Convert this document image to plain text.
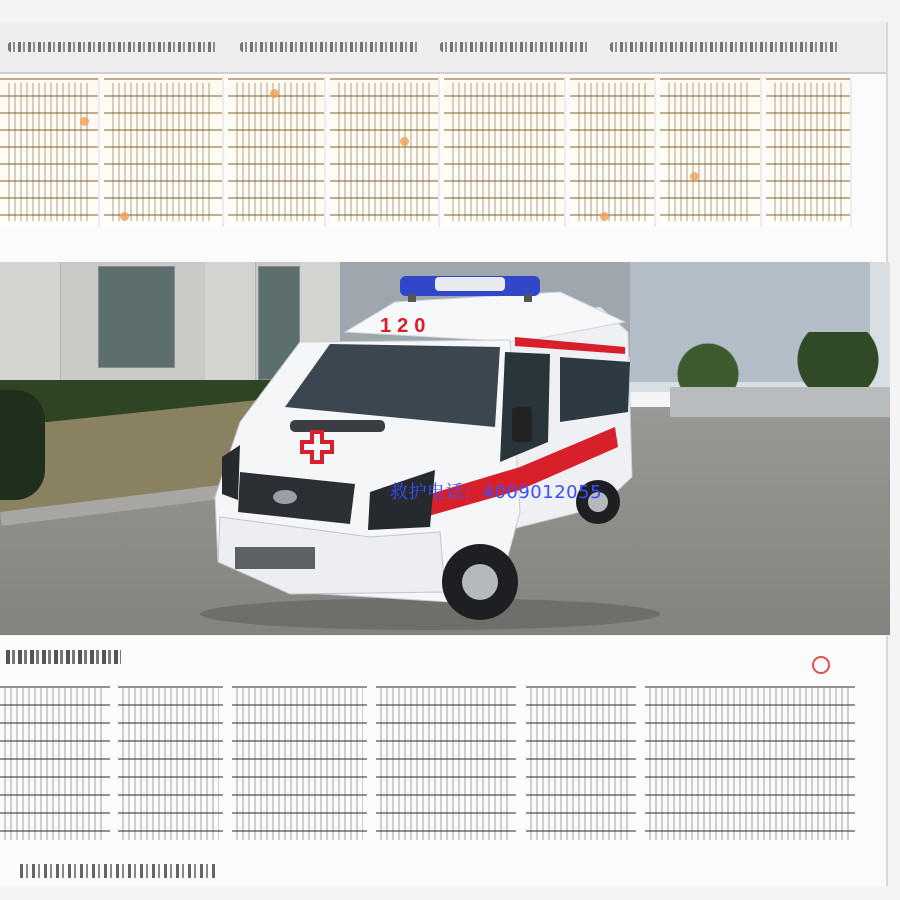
120
救护电话：4009012055
